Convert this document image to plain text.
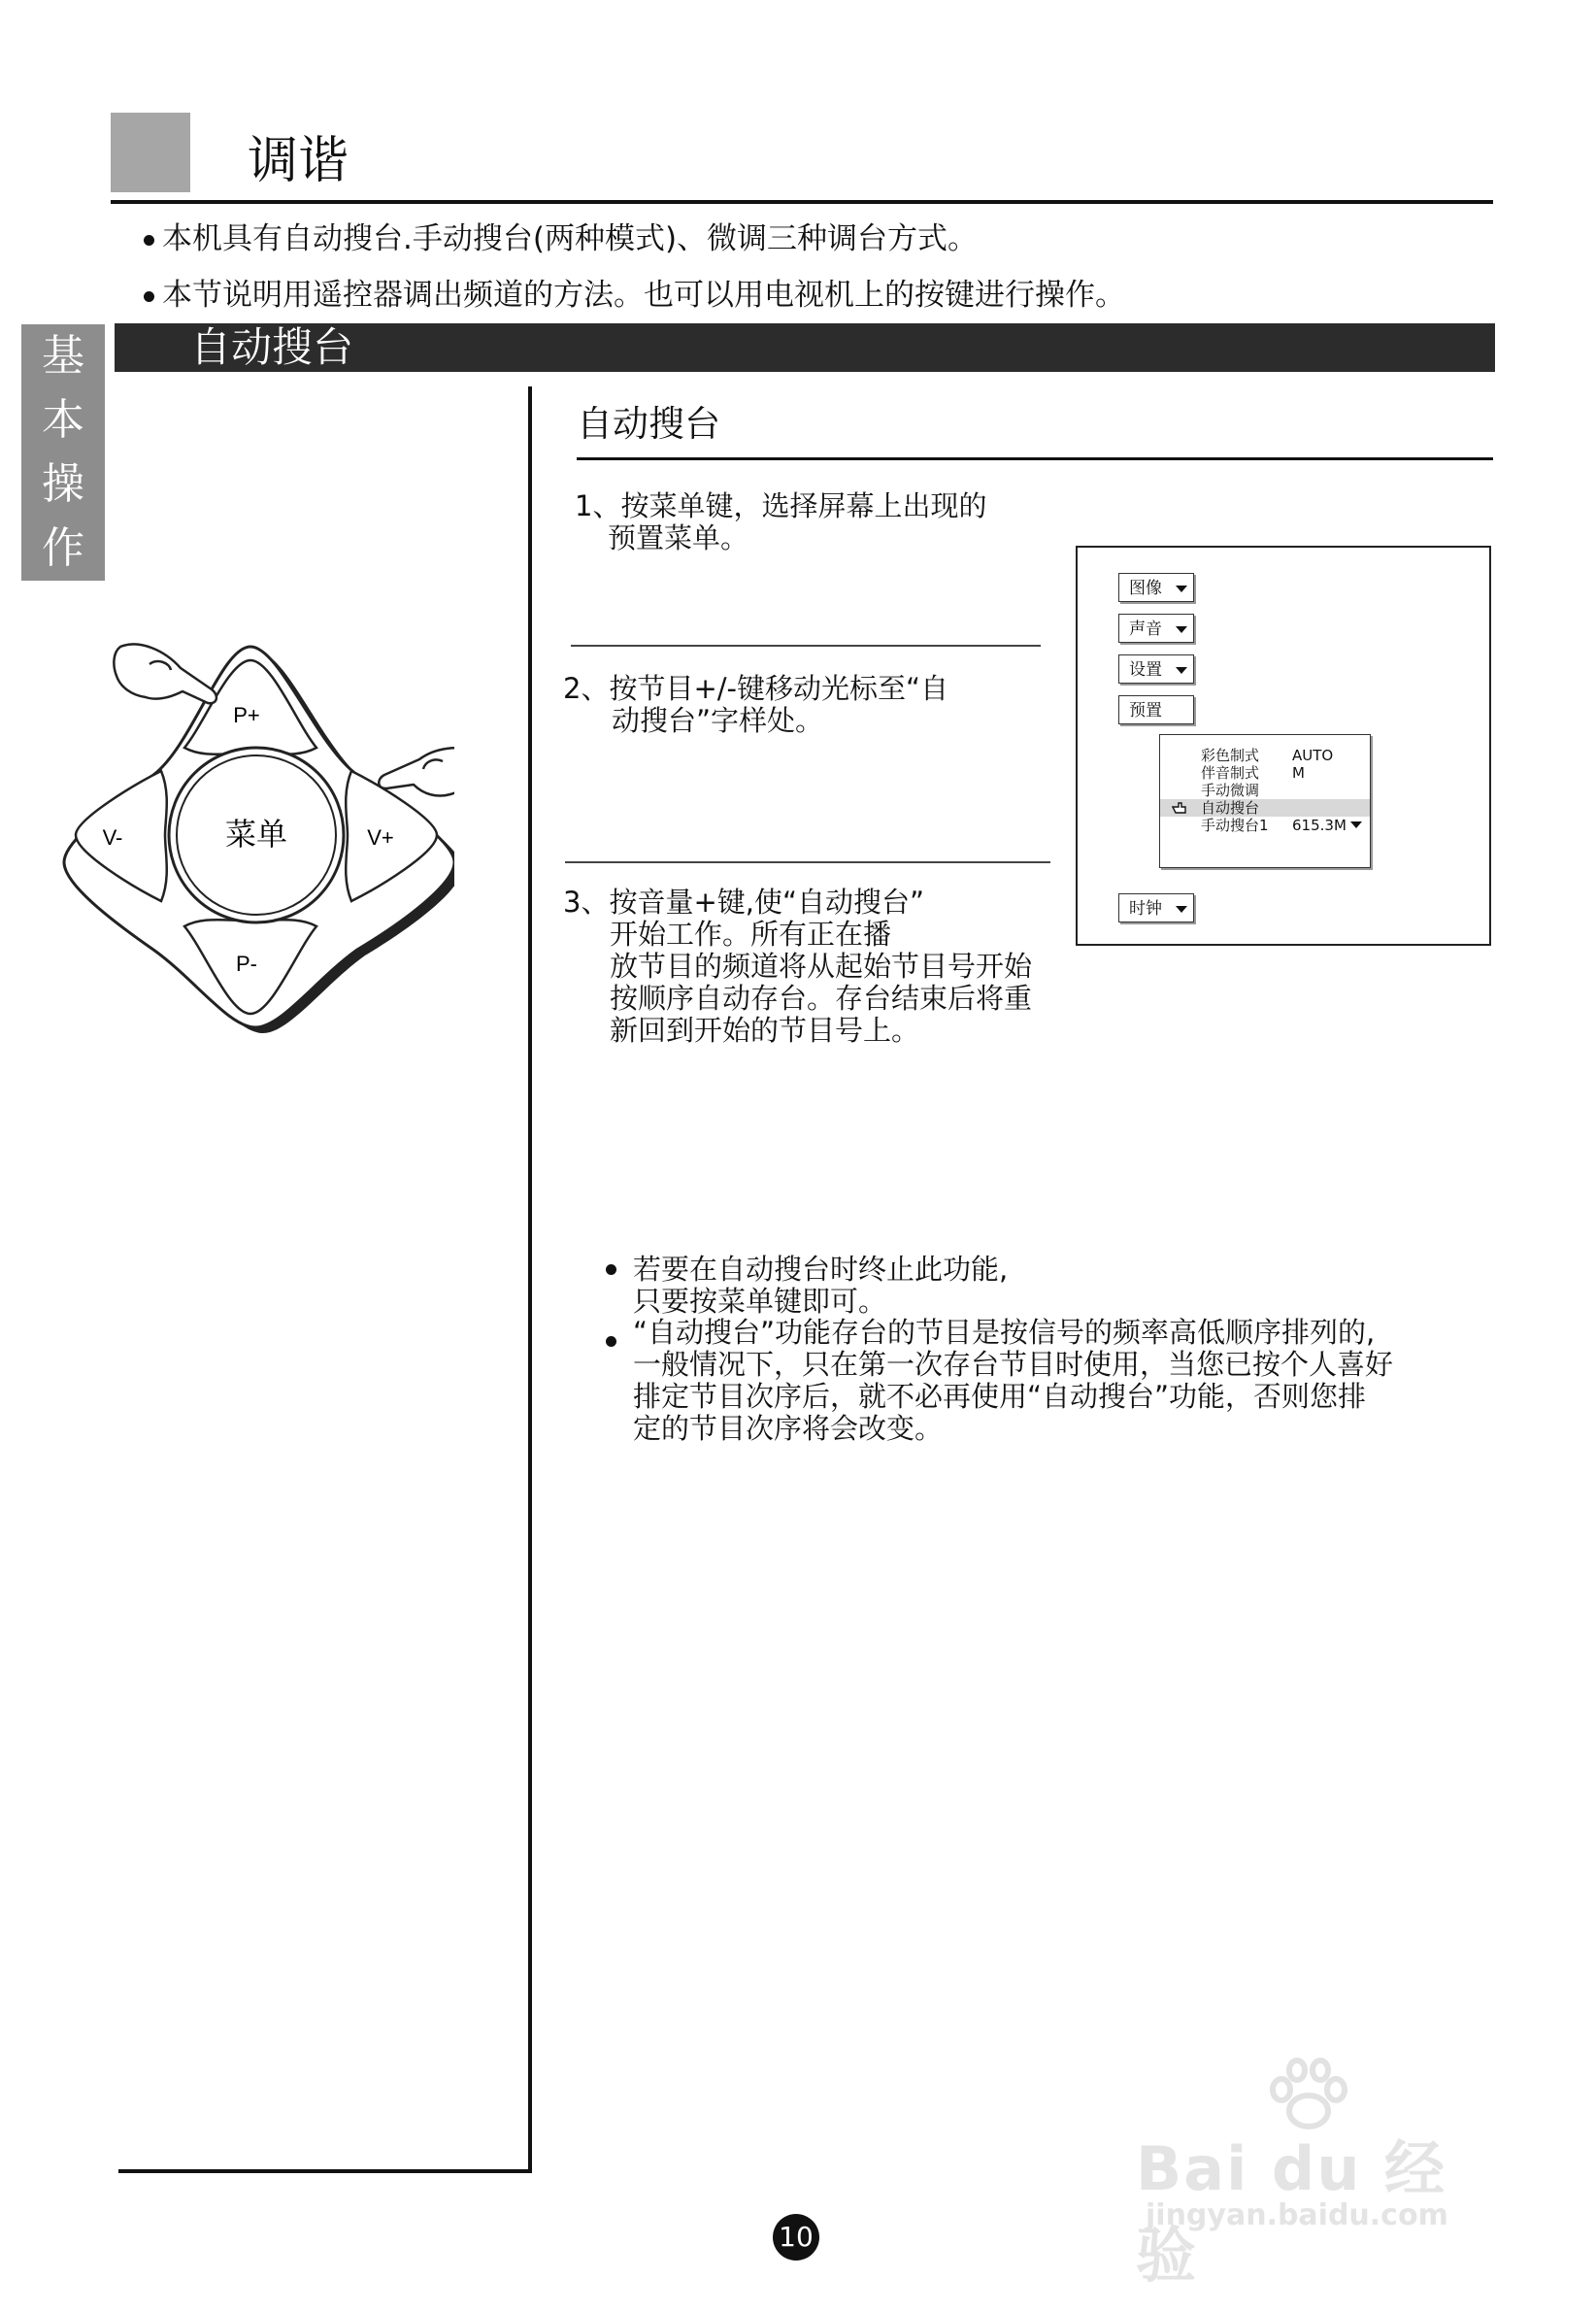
调谐
本机具有自动搜台.手动搜台(两种模式)、微调三种调台方式。
本节说明用遥控器调出频道的方法。也可以用电视机上的按键进行操作。
基
本
操
作
自动搜台
P+
P-
V-	V+
菜单
自动搜台
1、按菜单键，选择屏幕上出现的
预置菜单。
2、按节目+/-键移动光标至“自
动搜台”字样处。
3、按音量+键,使“自动搜台”
开始工作。所有正在播
放节目的频道将从起始节目号开始
按顺序自动存台。存台结束后将重
新回到开始的节目号上。
图像
声音
设置
预置
彩色制式 AUTO
伴音制式 M
手动微调
自动搜台
手动搜台1 615.3M
时钟
若要在自动搜台时终止此功能,
只要按菜单键即可。
“自动搜台”功能存台的节目是按信号的频率高低顺序排列的,
一般情况下，只在第一次存台节目时使用，当您已按个人喜好
排定节目次序后，就不必再使用“自动搜台”功能，否则您排
定的节目次序将会改变。
Bai du 经验
jingyan.baidu.com
10
